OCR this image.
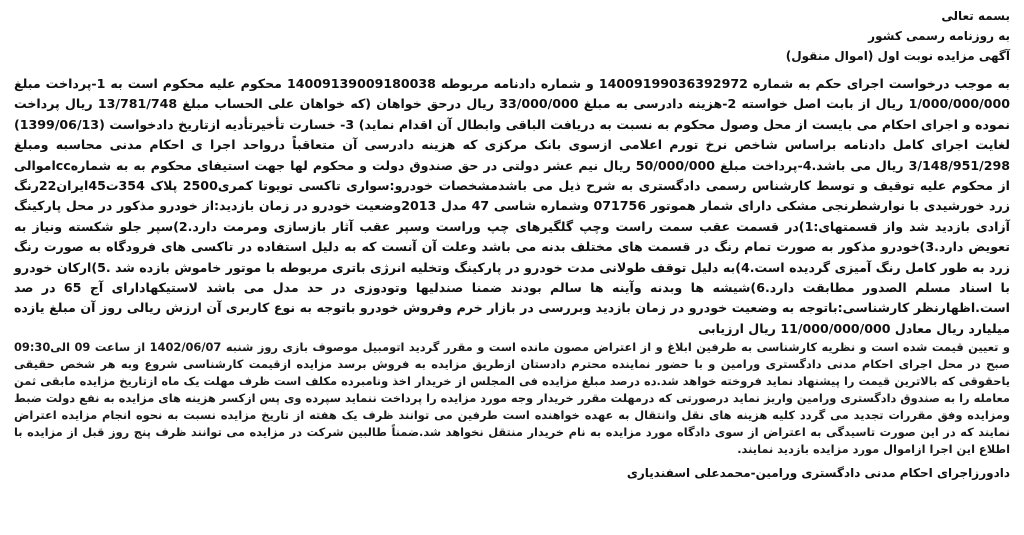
بسمه تعالی
به روزنامه رسمی کشور
آگهی مزایده نوبت اول (اموال منقول)
به موجب درخواست اجرای حکم به شماره 14009199036392972 و شماره دادنامه مربوطه 14009139009180038 محکوم علیه محکوم است به 1-پرداخت مبلغ 1/000/000/000 ریال از بابت اصل خواسته 2-هزینه دادرسی به مبلغ 33/000/000 ریال درحق خواهان (که خواهان علی الحساب مبلغ 13/781/748 ریال پرداخت نموده و اجرای احکام می بایست از محل وصول محکوم به نسبت به دریافت الباقی وابطال آن اقدام نماید) 3- خسارت تأخیرتأدیه ازتاریخ دادخواست (1399/06/13) لغایت اجرای کامل دادنامه براساس شاخص نرخ تورم اعلامی ازسوی بانک مرکزی که هزینه دادرسی آن متعاقباً درواحد اجرا ی احکام مدنی محاسبه ومبلغ 3/148/951/298 ریال می باشد.4-پرداخت مبلغ 50/000/000 ریال نیم عشر دولتی در حق صندوق دولت و محکوم لها جهت استیفای محکوم به به شمارهccاموالی از محکوم علیه توقیف و توسط کارشناس رسمی دادگستری به شرح ذیل می باشدمشخصات خودرو:سواری تاکسی تویوتا کمری2500 پلاک 354ت45ایران22رنگ زرد خورشیدی با نوارشطرنجی مشکی دارای شمار هموتور 071756 وشماره شاسی 47 مدل 2013وضعیت خودرو در زمان بازدید:از خودرو مذکور در محل پارکینگ آزادی بازدید شد واز قسمتهای:1)در قسمت عقب سمت راست وچپ گلگیرهای چپ وراست وسپر عقب آثار بازسازی ومرمت دارد.2)سپر جلو شکسته ونیاز به تعویض دارد.3)خودرو مذکور به صورت تمام رنگ در قسمت های مختلف بدنه می باشد وعلت آن آنست که به دلیل استفاده در تاکسی های فرودگاه به صورت رنگ زرد به طور کامل رنگ آمیزی گردیده است.4)به دلیل توقف طولانی مدت خودرو در پارکینگ وتخلیه انرژی باتری مربوطه با موتور خاموش بازده شد .5)ارکان خودرو با اسناد مسلم الصدور مطابقت دارد.6)شیشه ها وبدنه وآینه ها سالم بودند ضمنا صندلیها وتودوزی در حد مدل می باشد لاستیکهادارای آج 65 در صد است.اظهارنظر کارشناسی:باتوجه به وضعیت خودرو در زمان بازدید وبررسی در بازار خرم وفروش خودرو باتوجه به نوع کاربری آن ارزش ریالی روز آن مبلغ یازده میلیارد ریال معادل 11/000/000/000 ریال ارزیابی
و تعیین قیمت شده است و نظریه کارشناسی به طرفین ابلاغ و از اعتراض مصون مانده است و مقرر گردید اتومبیل موصوف بازی روز شنبه 1402/06/07 از ساعت 09 الی09:30 صبح در محل اجرای احکام مدنی دادگستری ورامین و با حضور نماینده محترم دادستان ازطریق مزایده به فروش برسد مزایده ازقیمت کارشناسی شروع وبه هر شخص حقیقی یاحقوقی که بالاترین قیمت را پیشنهاد نماید فروخته خواهد شد.ده درصد مبلغ مزایده فی المجلس از خریدار اخذ ونامبرده مکلف است ظرف مهلت یک ماه ازتاریخ مزایده مابقی ثمن معامله را به صندوق دادگستری ورامین واریز نماید درصورتی که درمهلت مقرر خریدار وجه مورد مزایده را پرداخت ننماید سپرده وی پس ازکسر هزینه های مزایده به نفع دولت ضبط ومزایده وفق مقررات تجدید می گردد کلیه هزینه های نقل وانتقال به عهده خواهنده است طرفین می توانند ظرف یک هفته از تاریخ مزایده نسبت به نحوه انجام مزایده اعتراض نمایند که در این صورت تاسیدگی به اعتراض از سوی دادگاه مورد مزایده به نام خریدار منتقل نخواهد شد.ضمناً طالبین شرکت در مزایده می توانند ظرف پنج روز قبل از مزایده با اطلاع این اجرا ازاموال مورد مزایده بازدید نمایند.
دادورزاجرای احکام مدنی دادگستری ورامین-محمدعلی اسفندیاری
